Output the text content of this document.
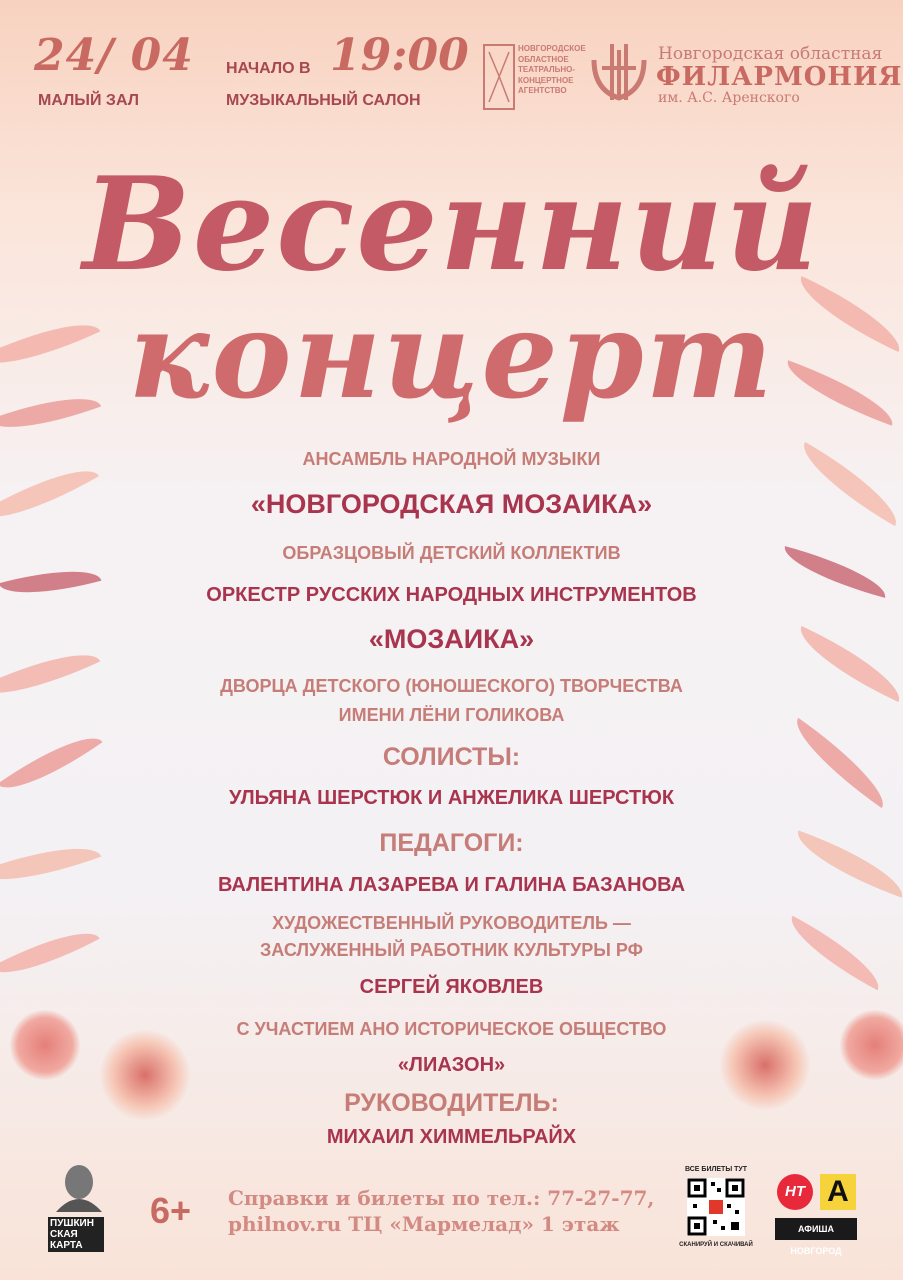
24/ 04
МАЛЫЙ ЗАЛ
НАЧАЛО В 19:00
МУЗЫКАЛЬНЫЙ САЛОН
НОВГОРОДСКОЕ
ОБЛАСТНОЕ
ТЕАТРАЛЬНО-
КОНЦЕРТНОЕ
АГЕНТСТВО
Новгородская областная
ФИЛАРМОНИЯ
им. А.С. Аренского
Весенний
концерт
АНСАМБЛЬ НАРОДНОЙ МУЗЫКИ
«НОВГОРОДСКАЯ МОЗАИКА»
ОБРАЗЦОВЫЙ ДЕТСКИЙ КОЛЛЕКТИВ
ОРКЕСТР РУССКИХ НАРОДНЫХ ИНСТРУМЕНТОВ
«МОЗАИКА»
ДВОРЦА ДЕТСКОГО (ЮНОШЕСКОГО) ТВОРЧЕСТВА
ИМЕНИ ЛЁНИ ГОЛИКОВА
СОЛИСТЫ:
УЛЬЯНА ШЕРСТЮК И АНЖЕЛИКА ШЕРСТЮК
ПЕДАГОГИ:
ВАЛЕНТИНА ЛАЗАРЕВА И ГАЛИНА БАЗАНОВА
ХУДОЖЕСТВЕННЫЙ РУКОВОДИТЕЛЬ —
ЗАСЛУЖЕННЫЙ РАБОТНИК КУЛЬТУРЫ РФ
СЕРГЕЙ ЯКОВЛЕВ
С УЧАСТИЕМ АНО ИСТОРИЧЕСКОЕ ОБЩЕСТВО
«ЛИАЗОН»
РУКОВОДИТЕЛЬ:
МИХАИЛ ХИММЕЛЬРАЙХ
ПУШКИН СКАЯ КАРТА
6+ Справки и билеты по тел.: 77-27-77,
philnov.ru ТЦ «Мармелад» 1 этаж
ВСЕ БИЛЕТЫ ТУТ
СКАНИРУЙ И СКАЧИВАЙ
НТ А
АФИША НОВГОРОД
